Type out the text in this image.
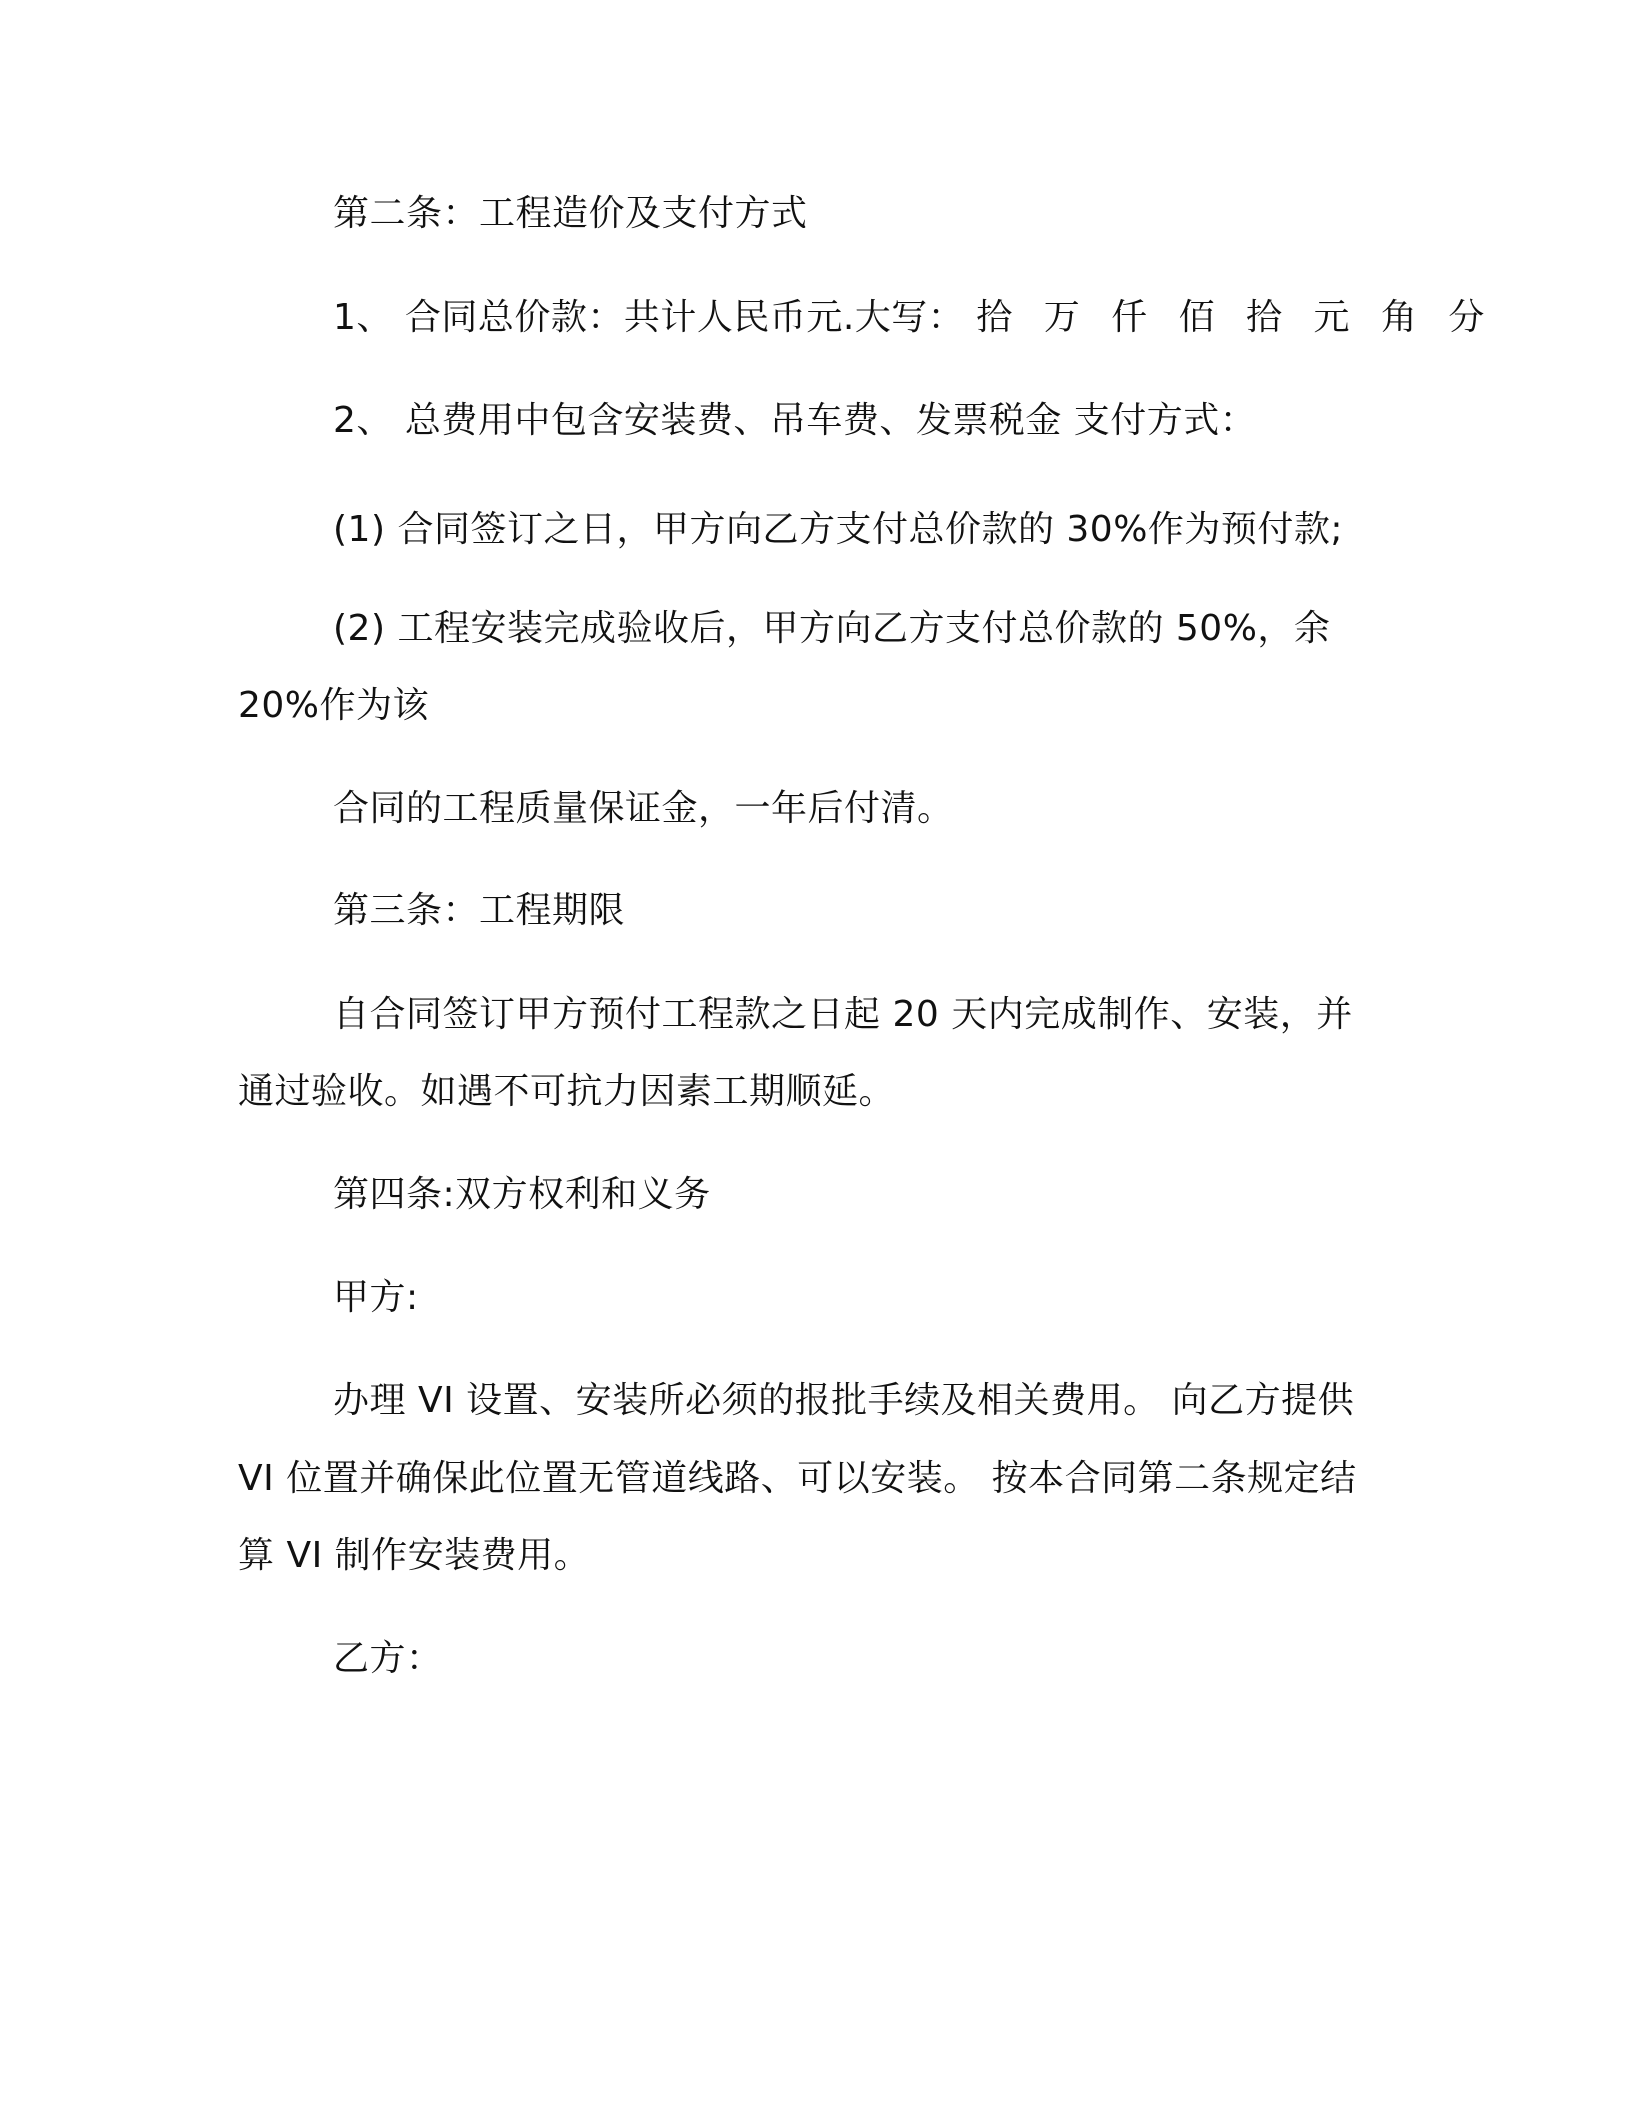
第二条：工程造价及支付方式
1、 合同总价款：共计人民币元.大写： 拾 万 仟 佰 拾 元 角 分
2、 总费用中包含安装费、吊车费、发票税金 支付方式：
(1) 合同签订之日，甲方向乙方支付总价款的 30%作为预付款;
(2) 工程安装完成验收后，甲方向乙方支付总价款的 50%，余
20%作为该
合同的工程质量保证金，一年后付清。
第三条：工程期限
自合同签订甲方预付工程款之日起 20 天内完成制作、安装，并
通过验收。如遇不可抗力因素工期顺延。
第四条:双方权利和义务
甲方:
办理 VI 设置、安装所必须的报批手续及相关费用。 向乙方提供
VI 位置并确保此位置无管道线路、可以安装。 按本合同第二条规定结
算 VI 制作安装费用。
乙方：
